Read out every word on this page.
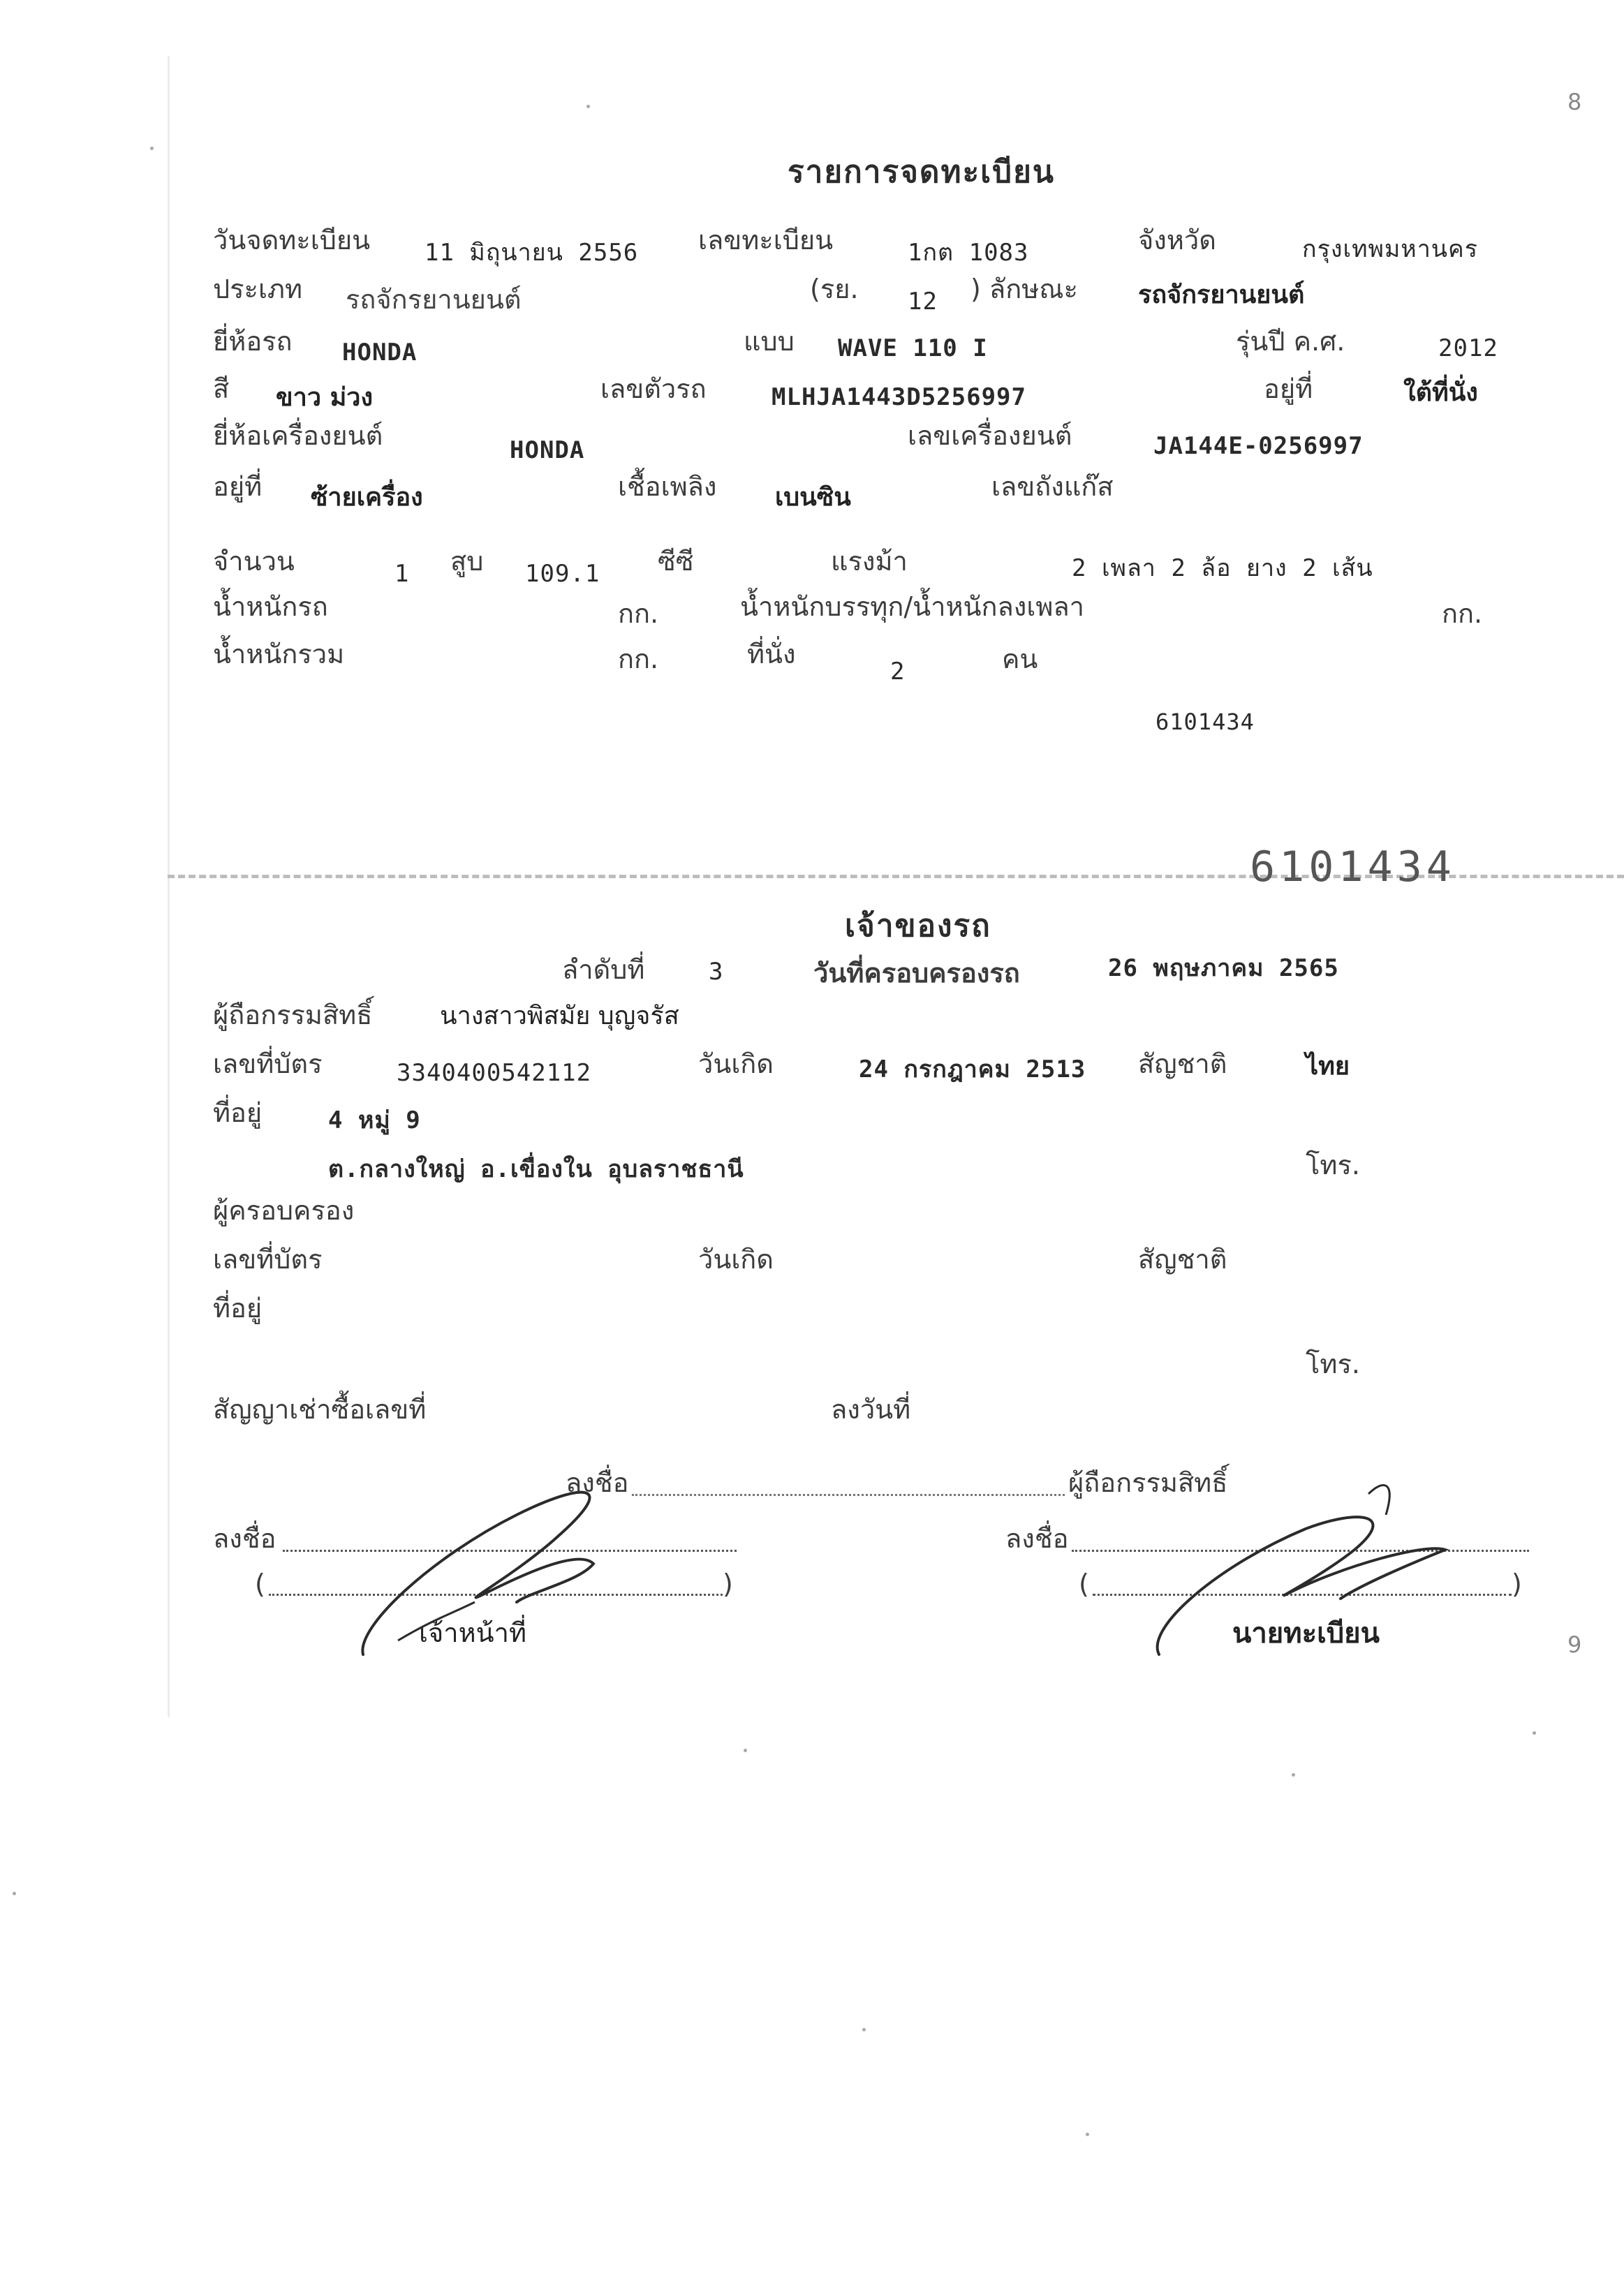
8
9
รายการจดทะเบียน
วันจดทะเบียน 11 มิถุนายน 2556 เลขทะเบียน	1กต 1083	จังหวัด	กรุงเทพมหานคร
ประเภท รถจักรยานยนต์	(รย. 12 ) ลักษณะ รถจักรยานยนต์
ยี่ห้อรถ HONDA	แบบ WAVE 110 I	รุ่นปี ค.ศ.	2012
สี ขาว ม่วง	เลขตัวรถ	MLHJA1443D5256997	อยู่ที่	ใต้ที่นั่ง
ยี่ห้อเครื่องยนต์	HONDA	เลขเครื่องยนต์	JA144E-0256997
อยู่ที่ ซ้ายเครื่อง	เชื้อเพลิง เบนซิน	เลขถังแก๊ส
จำนวน	1 สูบ 109.1 ซีซี	แรงม้า	2 เพลา 2 ล้อ ยาง 2 เส้น
น้ำหนักรถ	กก.	น้ำหนักบรรทุก/น้ำหนักลงเพลา	กก.
น้ำหนักรวม	กก.	ที่นั่ง
2	คน
6101434
6101434
เจ้าของรถ
ลำดับที่	3	วันที่ครอบครองรถ	26 พฤษภาคม 2565
ผู้ถือกรรมสิทธิ์	นางสาวพิสมัย บุญจรัส
เลขที่บัตร	3340400542112	วันเกิด	24 กรกฎาคม 2513 สัญชาติ	ไทย
ที่อยู่	4 หมู่ 9
ต.กลางใหญ่ อ.เขื่องใน อุบลราชธานี	โทร.
ผู้ครอบครอง
เลขที่บัตร	วันเกิด	สัญชาติ
ที่อยู่
โทร.
สัญญาเช่าซื้อเลขที่	ลงวันที่
ลงชื่อ	ผู้ถือกรรมสิทธิ์
ลงชื่อ
(	)
เจ้าหน้าที่
ลงชื่อ
(	)
นายทะเบียน
